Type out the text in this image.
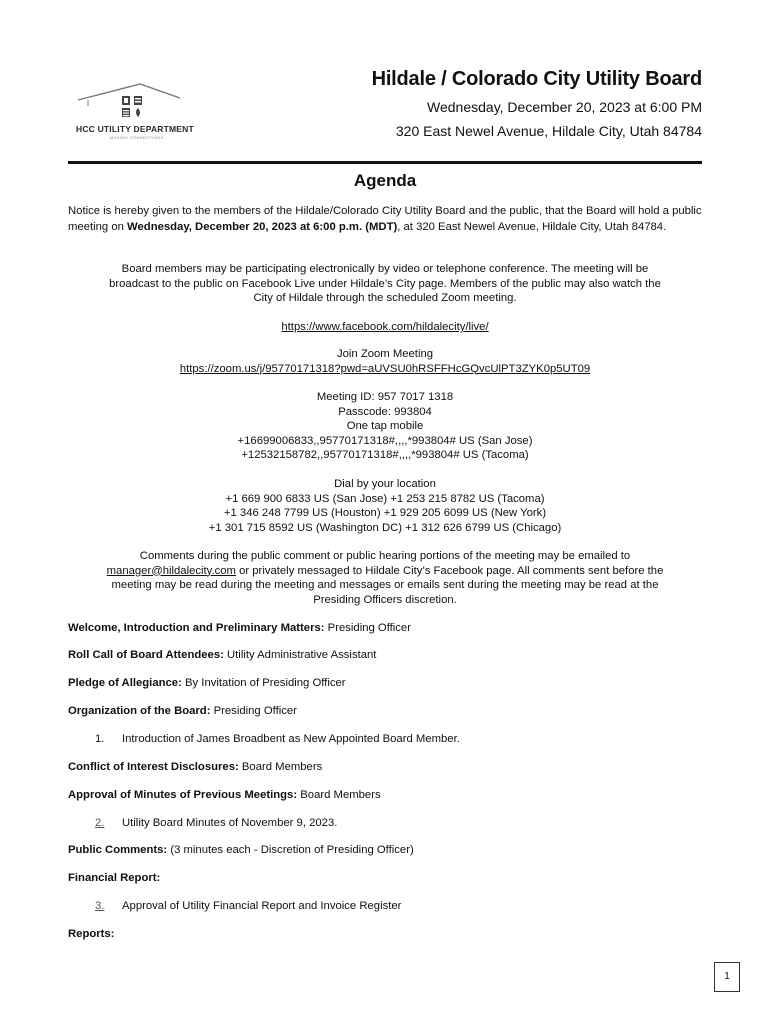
HCC UTILITY DEPARTMENT
MAKING CONNECTIONS
Hildale / Colorado City Utility Board
Wednesday, December 20, 2023 at 6:00 PM
320 East Newel Avenue, Hildale City, Utah 84784
Agenda
Notice is hereby given to the members of the Hildale/Colorado City Utility Board and the public, that the Board will hold a public meeting on Wednesday, December 20, 2023 at 6:00 p.m. (MDT), at 320 East Newel Avenue, Hildale City, Utah 84784.
Board members may be participating electronically by video or telephone conference. The meeting will be
broadcast to the public on Facebook Live under Hildale’s City page. Members of the public may also watch the
City of Hildale through the scheduled Zoom meeting.
https://www.facebook.com/hildalecity/live/
Join Zoom Meeting
https://zoom.us/j/95770171318?pwd=aUVSU0hRSFFHcGQvcUlPT3ZYK0p5UT09
Meeting ID: 957 7017 1318
Passcode: 993804
One tap mobile
+16699006833,,95770171318#,,,,*993804# US (San Jose)
+12532158782,,95770171318#,,,,*993804# US (Tacoma)
Dial by your location
+1 669 900 6833 US (San Jose) +1 253 215 8782 US (Tacoma)
+1 346 248 7799 US (Houston) +1 929 205 6099 US (New York)
+1 301 715 8592 US (Washington DC) +1 312 626 6799 US (Chicago)
Comments during the public comment or public hearing portions of the meeting may be emailed to
manager@hildalecity.com or privately messaged to Hildale City’s Facebook page. All comments sent before the
meeting may be read during the meeting and messages or emails sent during the meeting may be read at the
Presiding Officers discretion.
Welcome, Introduction and Preliminary Matters: Presiding Officer
Roll Call of Board Attendees: Utility Administrative Assistant
Pledge of Allegiance: By Invitation of Presiding Officer
Organization of the Board: Presiding Officer
1. Introduction of James Broadbent as New Appointed Board Member.
Conflict of Interest Disclosures: Board Members
Approval of Minutes of Previous Meetings: Board Members
2. Utility Board Minutes of November 9, 2023.
Public Comments: (3 minutes each - Discretion of Presiding Officer)
Financial Report:
3. Approval of Utility Financial Report and Invoice Register
Reports:
1
